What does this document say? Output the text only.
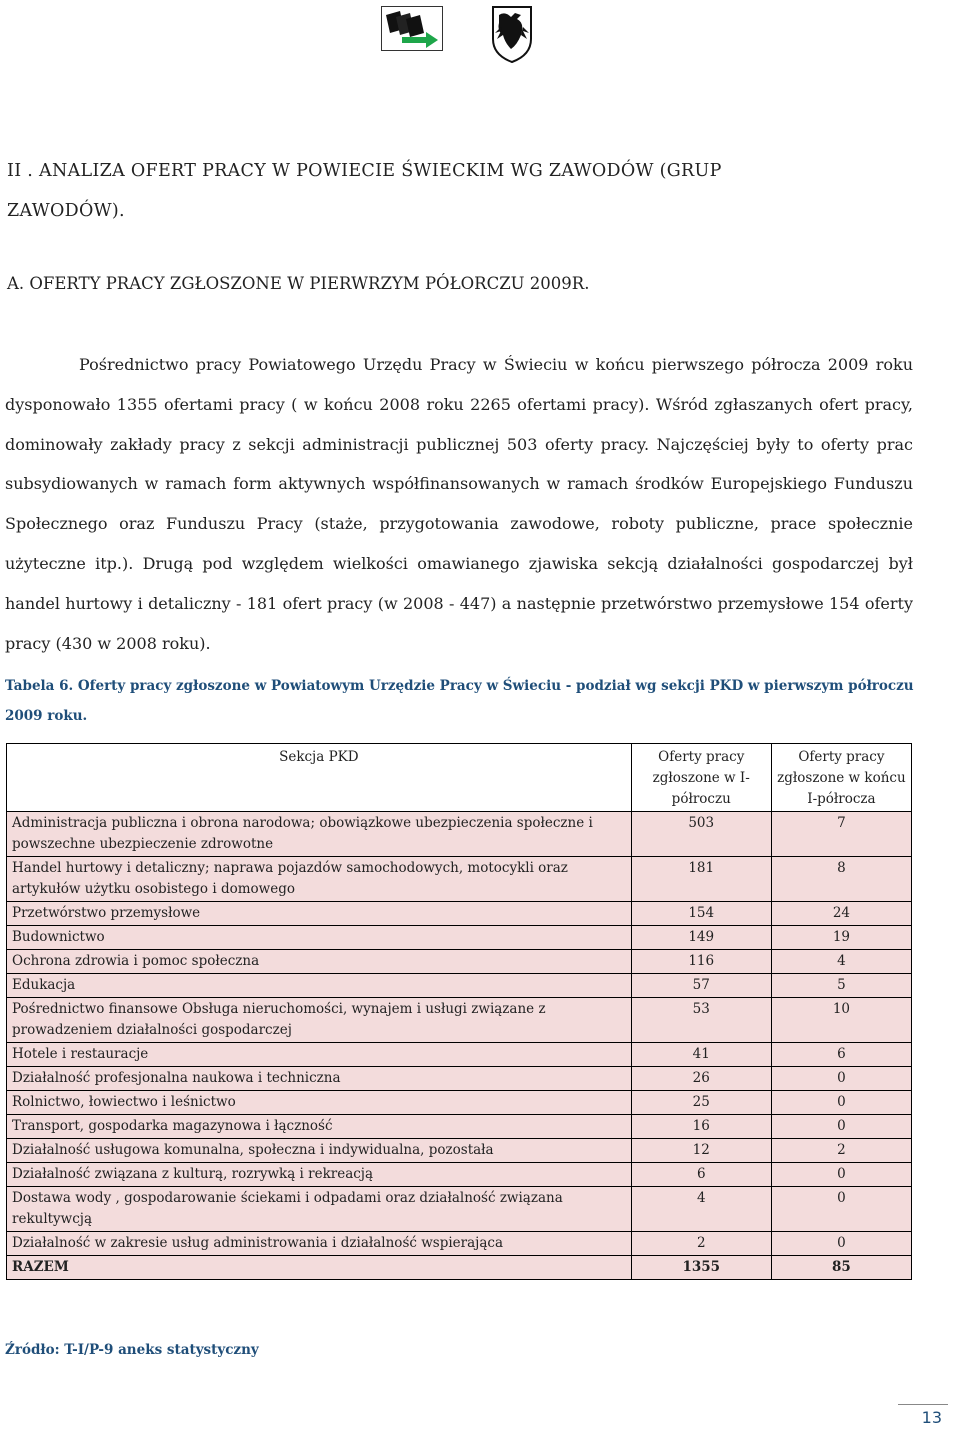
II . ANALIZA OFERT PRACY W POWIECIE ŚWIECKIM WG ZAWODÓW (GRUP
ZAWODÓW).
A. OFERTY PRACY ZGŁOSZONE W PIERWRZYM PÓŁORCZU 2009R.
Pośrednictwo pracy Powiatowego Urzędu Pracy w Świeciu w końcu pierwszego półrocza 2009 roku dysponowało 1355 ofertami pracy ( w końcu 2008 roku 2265 ofertami pracy). Wśród zgłaszanych ofert pracy, dominowały zakłady pracy z sekcji administracji publicznej 503 oferty pracy. Najczęściej były to oferty prac subsydiowanych w ramach form aktywnych współfinansowanych w ramach środków Europejskiego Funduszu Społecznego oraz Funduszu Pracy (staże, przygotowania zawodowe, roboty publiczne, prace społecznie użyteczne itp.). Drugą pod względem wielkości omawianego zjawiska sekcją działalności gospodarczej był handel hurtowy i detaliczny - 181 ofert pracy (w 2008 - 447) a następnie przetwórstwo przemysłowe 154 oferty pracy (430 w 2008 roku).
Tabela 6. Oferty pracy zgłoszone w Powiatowym Urzędzie Pracy w Świeciu - podział wg sekcji PKD w pierwszym półroczu 2009 roku.
Sekcja PKD	Oferty pracy zgłoszone w I-półroczu	Oferty pracy zgłoszone w końcu I-półrocza
Administracja publiczna i obrona narodowa; obowiązkowe ubezpieczenia społeczne i powszechne ubezpieczenie zdrowotne	503	7
Handel hurtowy i detaliczny; naprawa pojazdów samochodowych, motocykli oraz artykułów użytku osobistego i domowego	181	8
Przetwórstwo przemysłowe	154	24
Budownictwo	149	19
Ochrona zdrowia i pomoc społeczna	116	4
Edukacja	57	5
Pośrednictwo finansowe Obsługa nieruchomości, wynajem i usługi związane z prowadzeniem działalności gospodarczej	53	10
Hotele i restauracje	41	6
Działalność profesjonalna naukowa i techniczna	26	0
Rolnictwo, łowiectwo i leśnictwo	25	0
Transport, gospodarka magazynowa i łączność	16	0
Działalność usługowa komunalna, społeczna i indywidualna, pozostała	12	2
Działalność związana z kulturą, rozrywką i rekreacją	6	0
Dostawa wody , gospodarowanie ściekami i odpadami oraz działalność związana rekultywcją	4	0
Działalność w zakresie usług administrowania i działalność wspierająca	2	0
RAZEM	1355	85
Źródło: T-I/P-9 aneks statystyczny
13
